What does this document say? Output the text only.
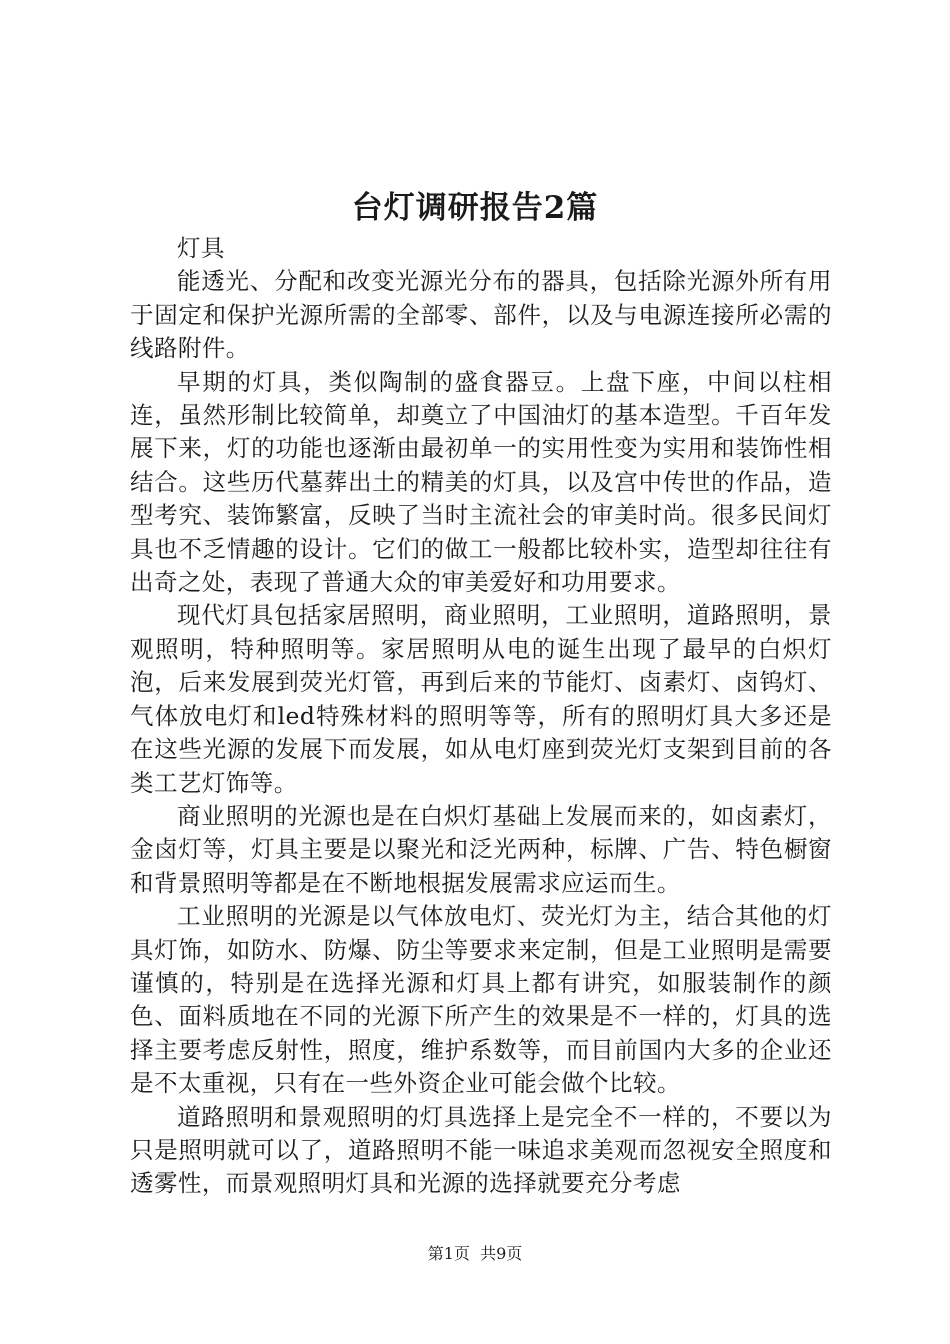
台灯调研报告2篇

灯具

能透光、分配和改变光源光分布的器具，包括除光源外所有用于固定和保护光源所需的全部零、部件，以及与电源连接所必需的线路附件。

早期的灯具，类似陶制的盛食器豆。上盘下座，中间以柱相连，虽然形制比较简单，却奠立了中国油灯的基本造型。千百年发展下来，灯的功能也逐渐由最初单一的实用性变为实用和装饰性相结合。这些历代墓葬出土的精美的灯具，以及宫中传世的作品，造型考究、装饰繁富，反映了当时主流社会的审美时尚。很多民间灯具也不乏情趣的设计。它们的做工一般都比较朴实，造型却往往有出奇之处，表现了普通大众的审美爱好和功用要求。

现代灯具包括家居照明，商业照明，工业照明，道路照明，景观照明，特种照明等。家居照明从电的诞生出现了最早的白炽灯泡，后来发展到荧光灯管，再到后来的节能灯、卤素灯、卤钨灯、气体放电灯和led特殊材料的照明等等，所有的照明灯具大多还是在这些光源的发展下而发展，如从电灯座到荧光灯支架到目前的各类工艺灯饰等。

商业照明的光源也是在白炽灯基础上发展而来的，如卤素灯，金卤灯等，灯具主要是以聚光和泛光两种，标牌、广告、特色橱窗和背景照明等都是在不断地根据发展需求应运而生。

工业照明的光源是以气体放电灯、荧光灯为主，结合其他的灯具灯饰，如防水、防爆、防尘等要求来定制，但是工业照明是需要谨慎的，特别是在选择光源和灯具上都有讲究，如服装制作的颜色、面料质地在不同的光源下所产生的效果是不一样的，灯具的选择主要考虑反射性，照度，维护系数等，而目前国内大多的企业还是不太重视，只有在一些外资企业可能会做个比较。

道路照明和景观照明的灯具选择上是完全不一样的，不要以为只是照明就可以了，道路照明不能一味追求美观而忽视安全照度和透雾性，而景观照明灯具和光源的选择就要充分考虑

第1页 共9页
